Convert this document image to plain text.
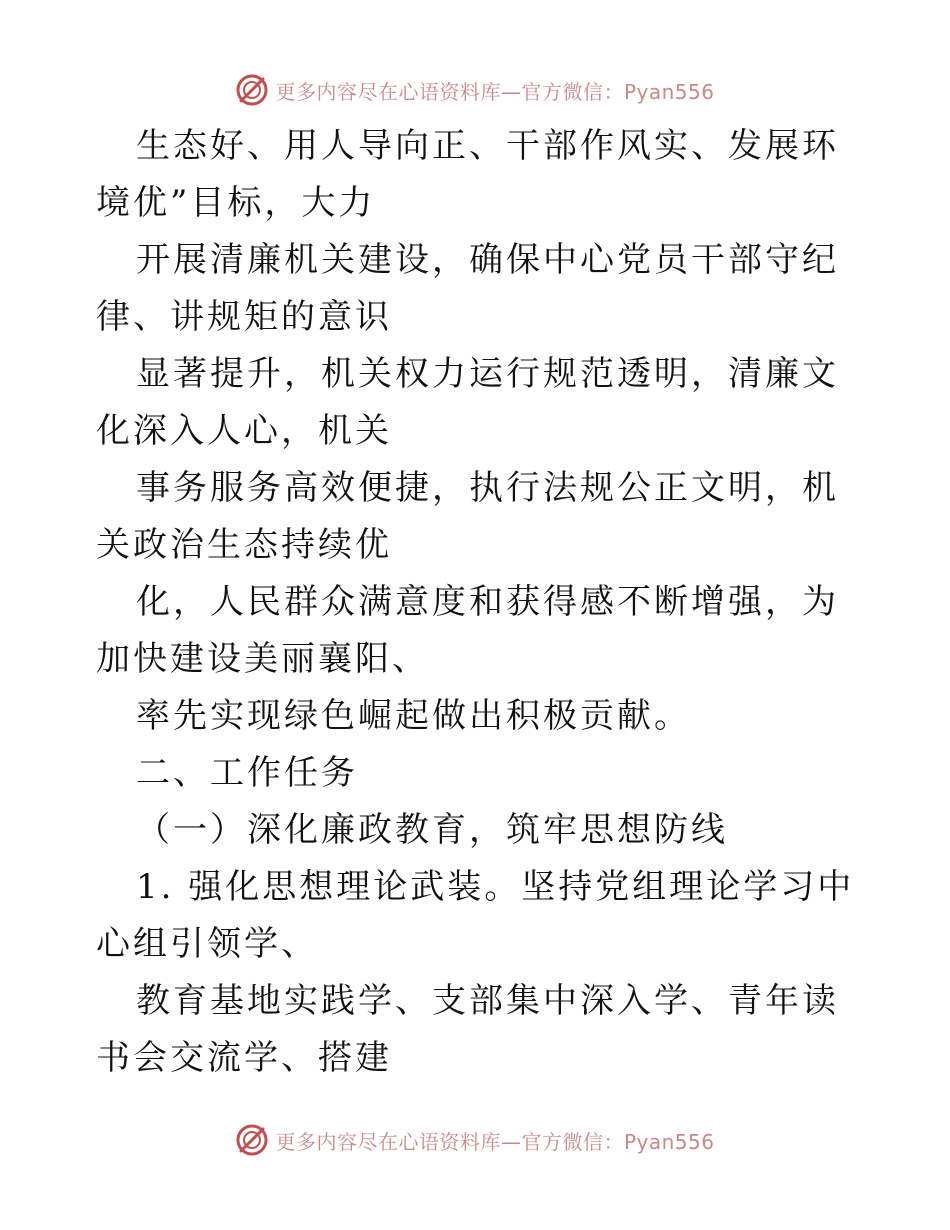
更多内容尽在心语资料库—官方微信：Pyan556

生态好、用人导向正、干部作风实、发展环境优”目标，大力

开展清廉机关建设，确保中心党员干部守纪律、讲规矩的意识

显著提升，机关权力运行规范透明，清廉文化深入人心，机关

事务服务高效便捷，执行法规公正文明，机关政治生态持续优

化，人民群众满意度和获得感不断增强，为加快建设美丽襄阳、

率先实现绿色崛起做出积极贡献。

二、工作任务

（一）深化廉政教育，筑牢思想防线

1. 强化思想理论武装。坚持党组理论学习中心组引领学、

教育基地实践学、支部集中深入学、青年读书会交流学、搭建

更多内容尽在心语资料库—官方微信：Pyan556
